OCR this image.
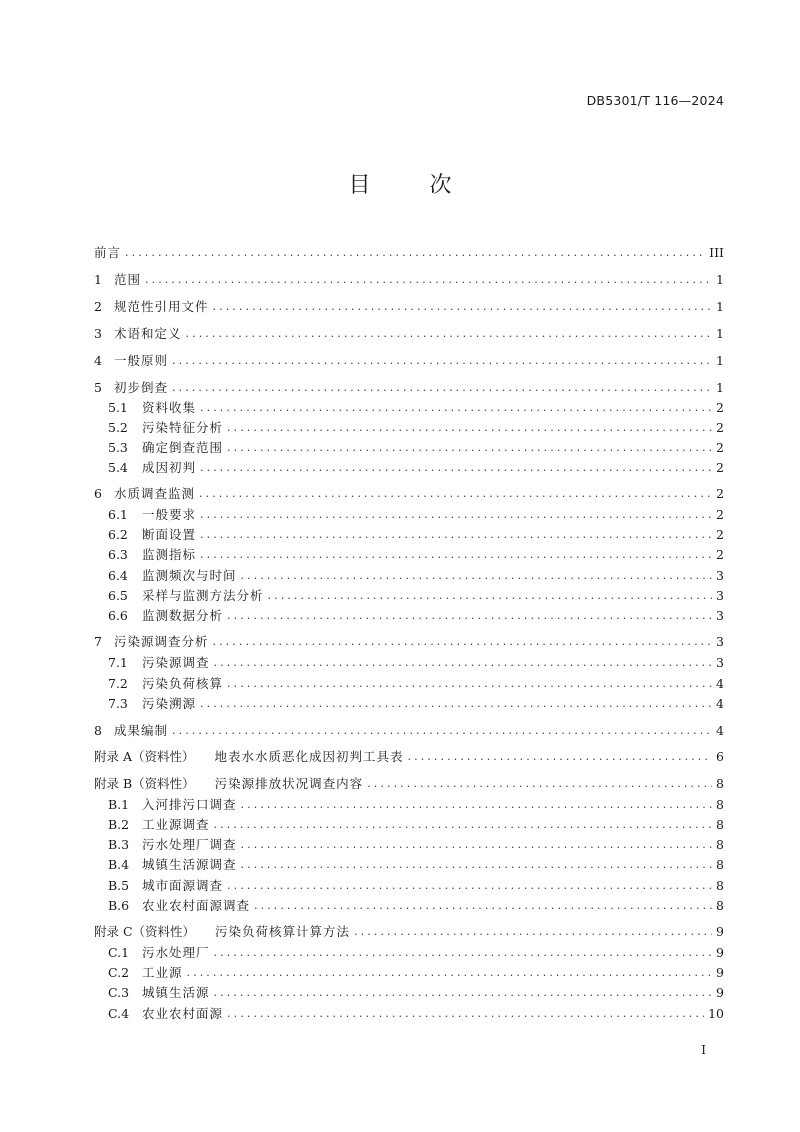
DB5301/T 116—2024
目	次
前言 .....	III
1 范围 .....	1
2 规范性引用文件 .....	1
3 术语和定义 .....	1
4 一般原则 .....	1
5 初步倒查 .....	1
5.1	资料收集 .....	2
5.2	污染特征分析 .....	2
5.3	确定倒查范围 .....	2
5.4	成因初判 .....	2
6 水质调查监测 .....	2
6.1	一般要求 .....	2
6.2	断面设置 .....	2
6.3	监测指标 .....	2
6.4	监测频次与时间 .....	3
6.5	采样与监测方法分析 .....	3
6.6	监测数据分析 .....	3
7 污染源调查分析 .....	3
7.1	污染源调查 .....	3
7.2	污染负荷核算 .....	4
7.3	污染溯源 .....	4
8 成果编制 .....	4
附录 A（资料性） 地表水水质恶化成因初判工具表 .....	6
附录 B（资料性） 污染源排放状况调查内容 .....	8
B.1	入河排污口调查 .....	8
B.2	工业源调查 .....	8
B.3	污水处理厂调查 .....	8
B.4	城镇生活源调查 .....	8
B.5	城市面源调查 .....	8
B.6	农业农村面源调查 .....	8
附录 C（资料性） 污染负荷核算计算方法 .....	9
C.1	污水处理厂 .....	9
C.2	工业源 .....	9
C.3	城镇生活源 .....	9
C.4	农业农村面源 .....	10
I
